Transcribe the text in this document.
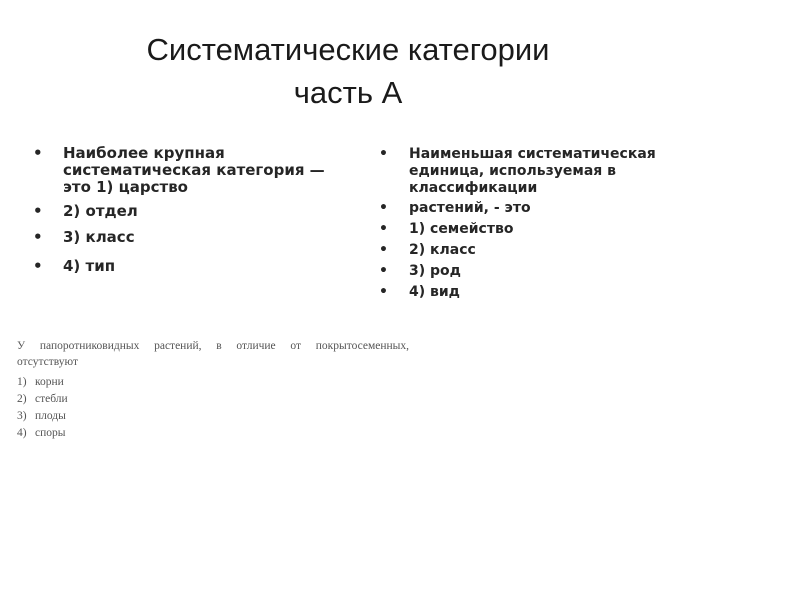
Систематические категории
часть А
• Наиболее крупная систематическая категория — это 1) царство
• 2) отдел
• 3) класс
• 4) тип
• Наименьшая систематическая единица, используемая в классификации
• растений, - это
• 1) семейство
• 2) класс
• 3) род
• 4) вид

У папоротниковидных растений, в отличие от покрытосеменных, отсутствуют

1) корни
2) стебли
3) плоды
4) споры
